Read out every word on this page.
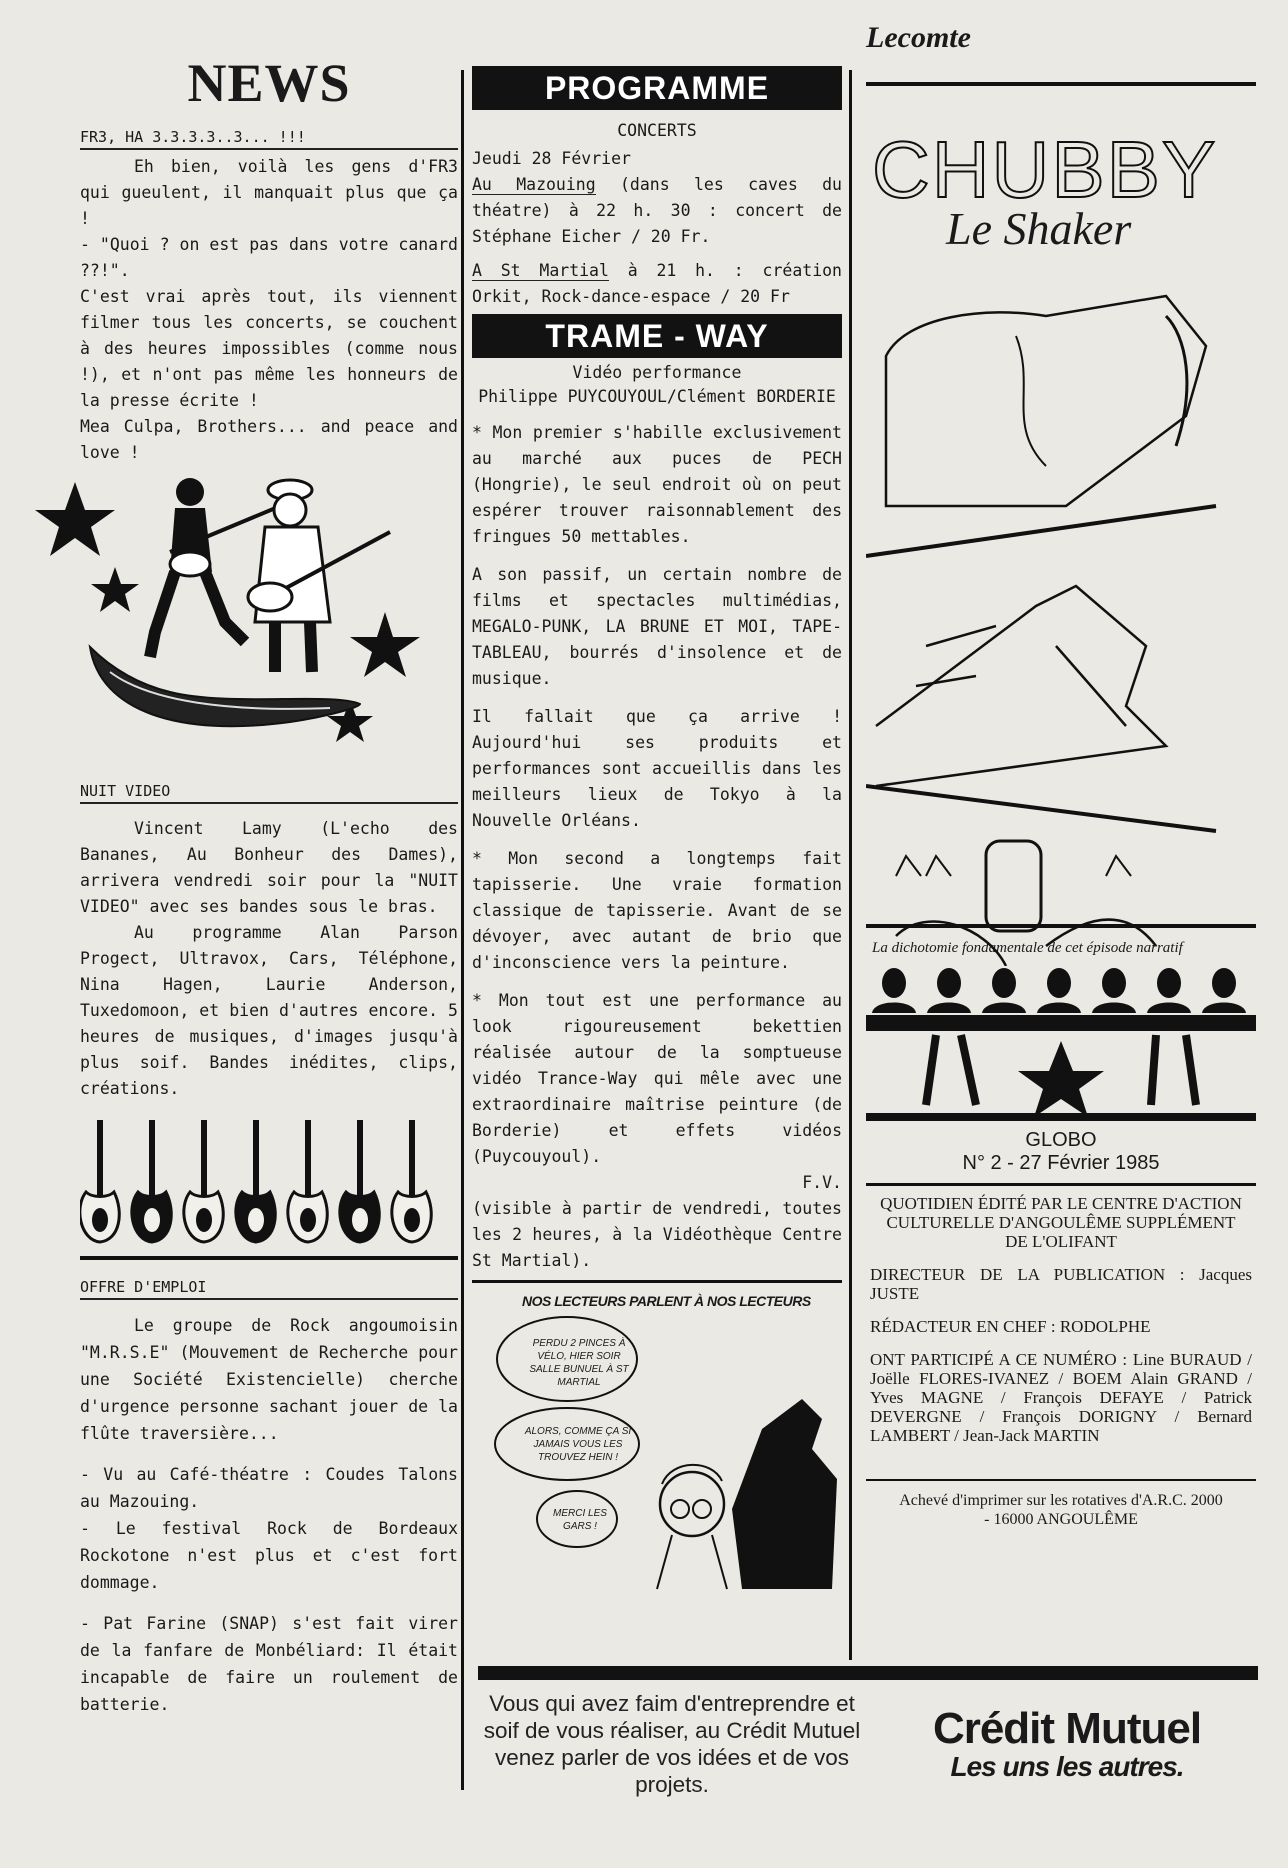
NEWS
FR3, HA 3.3.3.3..3... !!!

Eh bien, voilà les gens d'FR3 qui gueulent, il manquait plus que ça !

- "Quoi ? on est pas dans votre canard ??!".

C'est vrai après tout, ils viennent filmer tous les concerts, se couchent à des heures impossibles (comme nous !), et n'ont pas même les honneurs de la presse écrite !

Mea Culpa, Brothers... and peace and love !

NUIT VIDEO

Vincent Lamy (L'echo des Bananes, Au Bonheur des Dames), arrivera vendredi soir pour la "NUIT VIDEO" avec ses bandes sous le bras.

Au programme Alan Parson Progect, Ultravox, Cars, Téléphone, Nina Hagen, Laurie Anderson, Tuxedomoon, et bien d'autres encore. 5 heures de musiques, d'images jusqu'à plus soif. Bandes inédites, clips, créations.

OFFRE D'EMPLOI

Le groupe de Rock angoumoisin "M.R.S.E" (Mouvement de Recherche pour une Société Existencielle) cherche d'urgence personne sachant jouer de la flûte traversière...

- Vu au Café-théatre : Coudes Talons au Mazouing.

- Le festival Rock de Bordeaux Rockotone n'est plus et c'est fort dommage.

- Pat Farine (SNAP) s'est fait virer de la fanfare de Monbéliard: Il était incapable de faire un roulement de batterie.

PROGRAMME
CONCERTS

Jeudi 28 Février

Au Mazouing (dans les caves du théatre) à 22 h. 30 : concert de Stéphane Eicher / 20 Fr.

A St Martial à 21 h. : création Orkit, Rock-dance-espace / 20 Fr

TRAME - WAY
Vidéo performance
Philippe PUYCOUYOUL/Clément BORDERIE

* Mon premier s'habille exclusivement au marché aux puces de PECH (Hongrie), le seul endroit où on peut espérer trouver raisonnablement des fringues 50 mettables.

A son passif, un certain nombre de films et spectacles multimédias, MEGALO-PUNK, LA BRUNE ET MOI, TAPE-TABLEAU, bourrés d'insolence et de musique.

Il fallait que ça arrive ! Aujourd'hui ses produits et performances sont accueillis dans les meilleurs lieux de Tokyo à la Nouvelle Orléans.

* Mon second a longtemps fait tapisserie. Une vraie formation classique de tapisserie. Avant de se dévoyer, avec autant de brio que d'inconscience vers la peinture.

* Mon tout est une performance au look rigoureusement bekettien réalisée autour de la somptueuse vidéo Trance-Way qui mêle avec une extraordinaire maîtrise peinture (de Borderie) et effets vidéos (Puycouyoul).

F.V.

(visible à partir de vendredi, toutes les 2 heures, à la Vidéothèque Centre St Martial).

NOS LECTEURS PARLENT À NOS LECTEURS
PERDU 2 PINCES À VÉLO, HIER SOIR SALLE BUNUEL À ST MARTIAL
ALORS, COMME ÇA SI JAMAIS VOUS LES TROUVEZ HEIN !
MERCI LES GARS !
Lecomte
CHUBBY
Le Shaker
La dichotomie fondamentale de cet épisode narratif
GLOBO
N° 2 - 27 Février 1985
QUOTIDIEN ÉDITÉ PAR LE CENTRE D'ACTION CULTURELLE D'ANGOULÊME SUPPLÉMENT DE L'OLIFANT
DIRECTEUR DE LA PUBLICATION : Jacques JUSTE
RÉDACTEUR EN CHEF : RODOLPHE
ONT PARTICIPÉ A CE NUMÉRO : Line BURAUD / Joëlle FLORES-IVANEZ / BOEM Alain GRAND / Yves MAGNE / François DEFAYE / Patrick DEVERGNE / François DORIGNY / Bernard LAMBERT / Jean-Jack MARTIN
Achevé d'imprimer sur les rotatives d'A.R.C. 2000 - 16000 ANGOULÊME
Vous qui avez faim d'entreprendre et soif de vous réaliser, au Crédit Mutuel venez parler de vos idées et de vos projets.
Crédit Mutuel
Les uns les autres.
